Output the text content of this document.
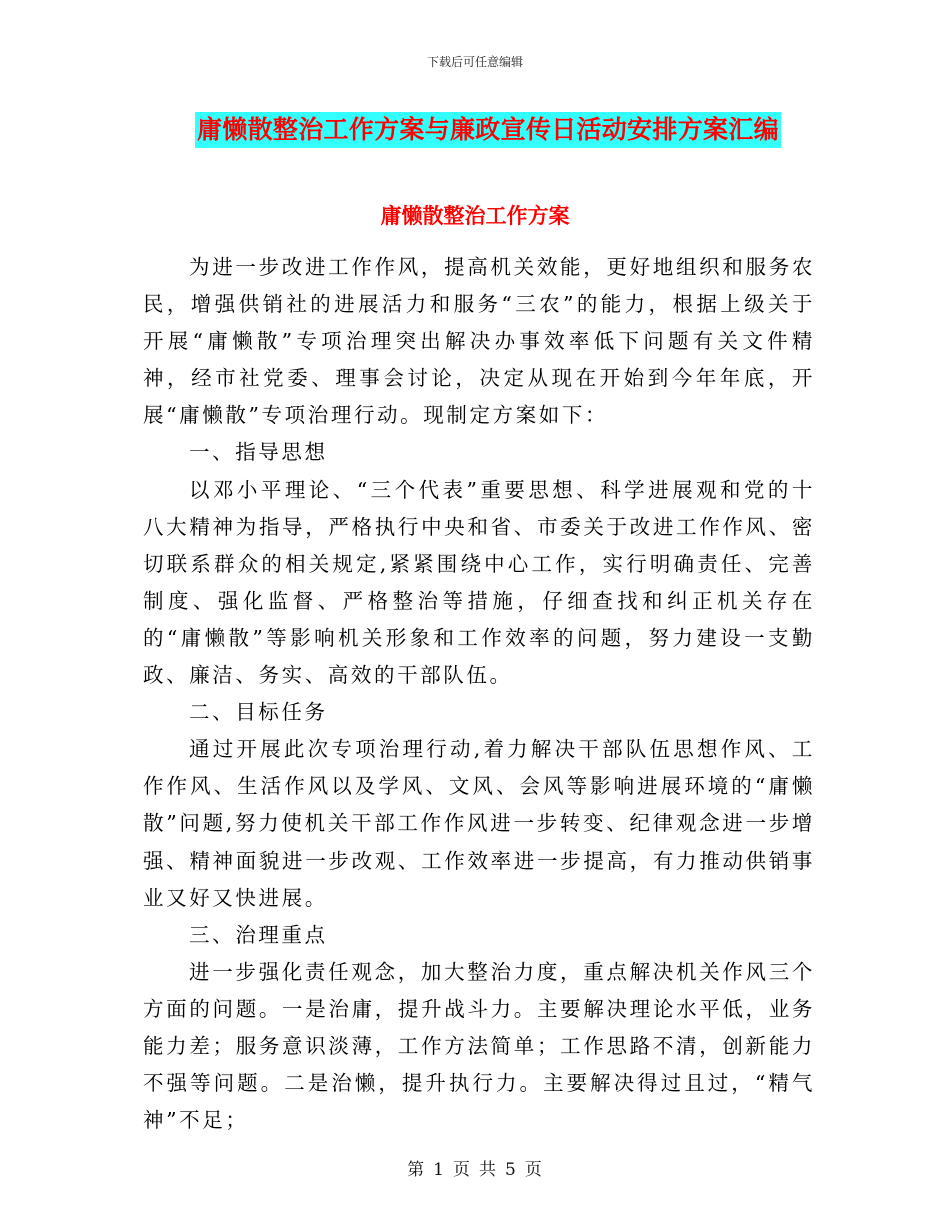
下载后可任意编辑
庸懒散整治工作方案与廉政宣传日活动安排方案汇编
庸懒散整治工作方案

为进一步改进工作作风，提高机关效能，更好地组织和服务农民，增强供销社的进展活力和服务“三农”的能力，根据上级关于开展“庸懒散”专项治理突出解决办事效率低下问题有关文件精神，经市社党委、理事会讨论，决定从现在开始到今年年底，开展“庸懒散”专项治理行动。现制定方案如下：

一、指导思想

以邓小平理论、“三个代表”重要思想、科学进展观和党的十八大精神为指导，严格执行中央和省、市委关于改进工作作风、密切联系群众的相关规定,紧紧围绕中心工作，实行明确责任、完善制度、强化监督、严格整治等措施，仔细查找和纠正机关存在的“庸懒散”等影响机关形象和工作效率的问题，努力建设一支勤政、廉洁、务实、高效的干部队伍。

二、目标任务

通过开展此次专项治理行动,着力解决干部队伍思想作风、工作作风、生活作风以及学风、文风、会风等影响进展环境的“庸懒散”问题,努力使机关干部工作作风进一步转变、纪律观念进一步增强、精神面貌进一步改观、工作效率进一步提高，有力推动供销事业又好又快进展。

三、治理重点

进一步强化责任观念，加大整治力度，重点解决机关作风三个方面的问题。一是治庸，提升战斗力。主要解决理论水平低，业务能力差；服务意识淡薄，工作方法简单；工作思路不清，创新能力不强等问题。二是治懒，提升执行力。主要解决得过且过，“精气神”不足；

第 1 页 共 5 页
